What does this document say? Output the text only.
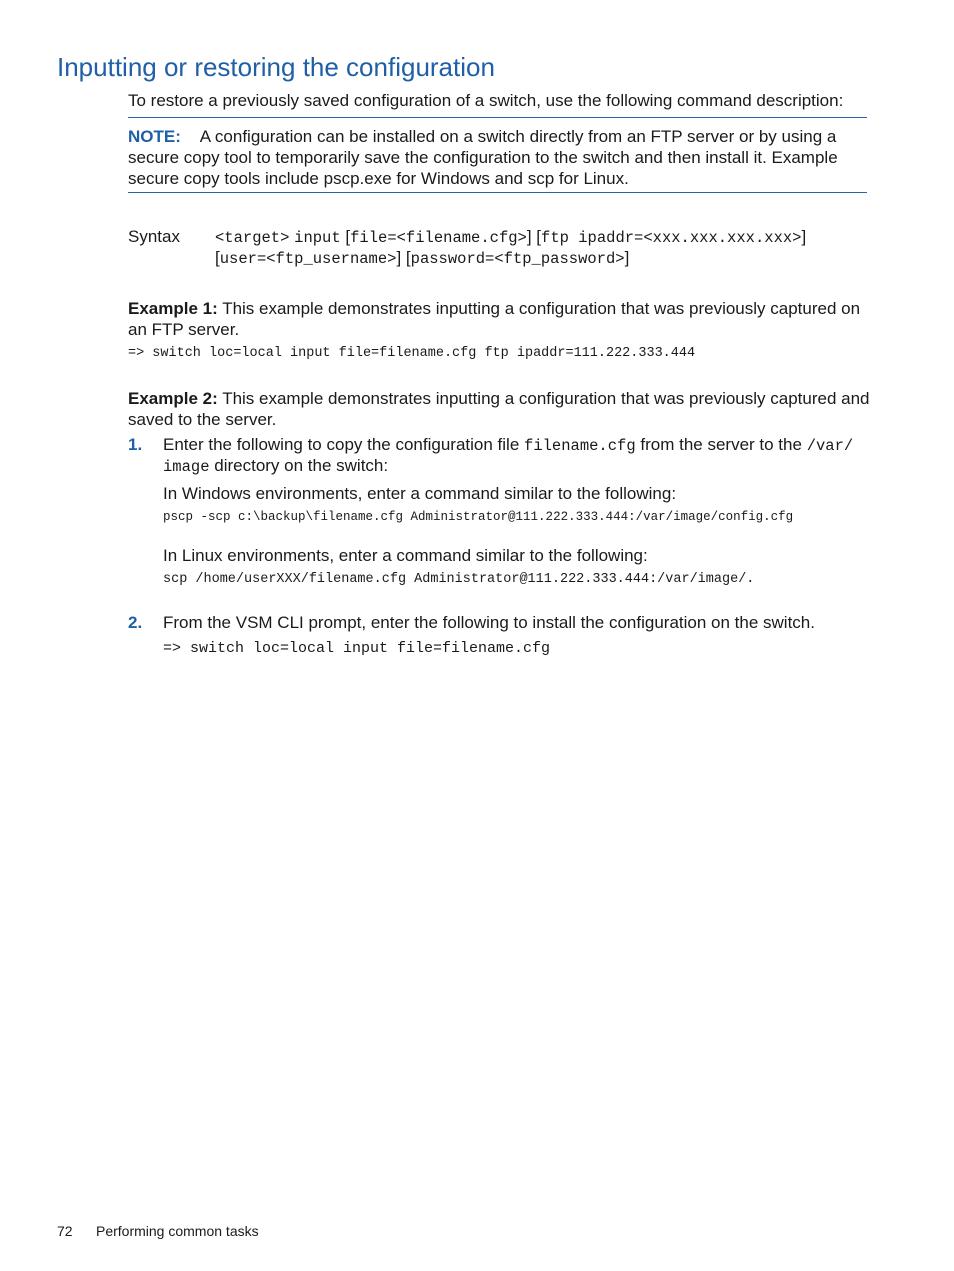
Inputting or restoring the configuration
To restore a previously saved configuration of a switch, use the following command description:
NOTE: A configuration can be installed on a switch directly from an FTP server or by using a
secure copy tool to temporarily save the configuration to the switch and then install it. Example
secure copy tools include pscp.exe for Windows and scp for Linux.
Syntax <target> input [file=<filename.cfg>] [ftp ipaddr=<xxx.xxx.xxx.xxx>]
[user=<ftp_username>] [password=<ftp_password>]
Example 1: This example demonstrates inputting a configuration that was previously captured on
an FTP server.
=> switch loc=local input file=filename.cfg ftp ipaddr=111.222.333.444
Example 2: This example demonstrates inputting a configuration that was previously captured and
saved to the server.
1. Enter the following to copy the configuration file filename.cfg from the server to the /var/
image directory on the switch:
In Windows environments, enter a command similar to the following:
pscp -scp c:\backup\filename.cfg Administrator@111.222.333.444:/var/image/config.cfg
In Linux environments, enter a command similar to the following:
scp /home/userXXX/filename.cfg Administrator@111.222.333.444:/var/image/.
2. From the VSM CLI prompt, enter the following to install the configuration on the switch.
=> switch loc=local input file=filename.cfg
72 Performing common tasks
